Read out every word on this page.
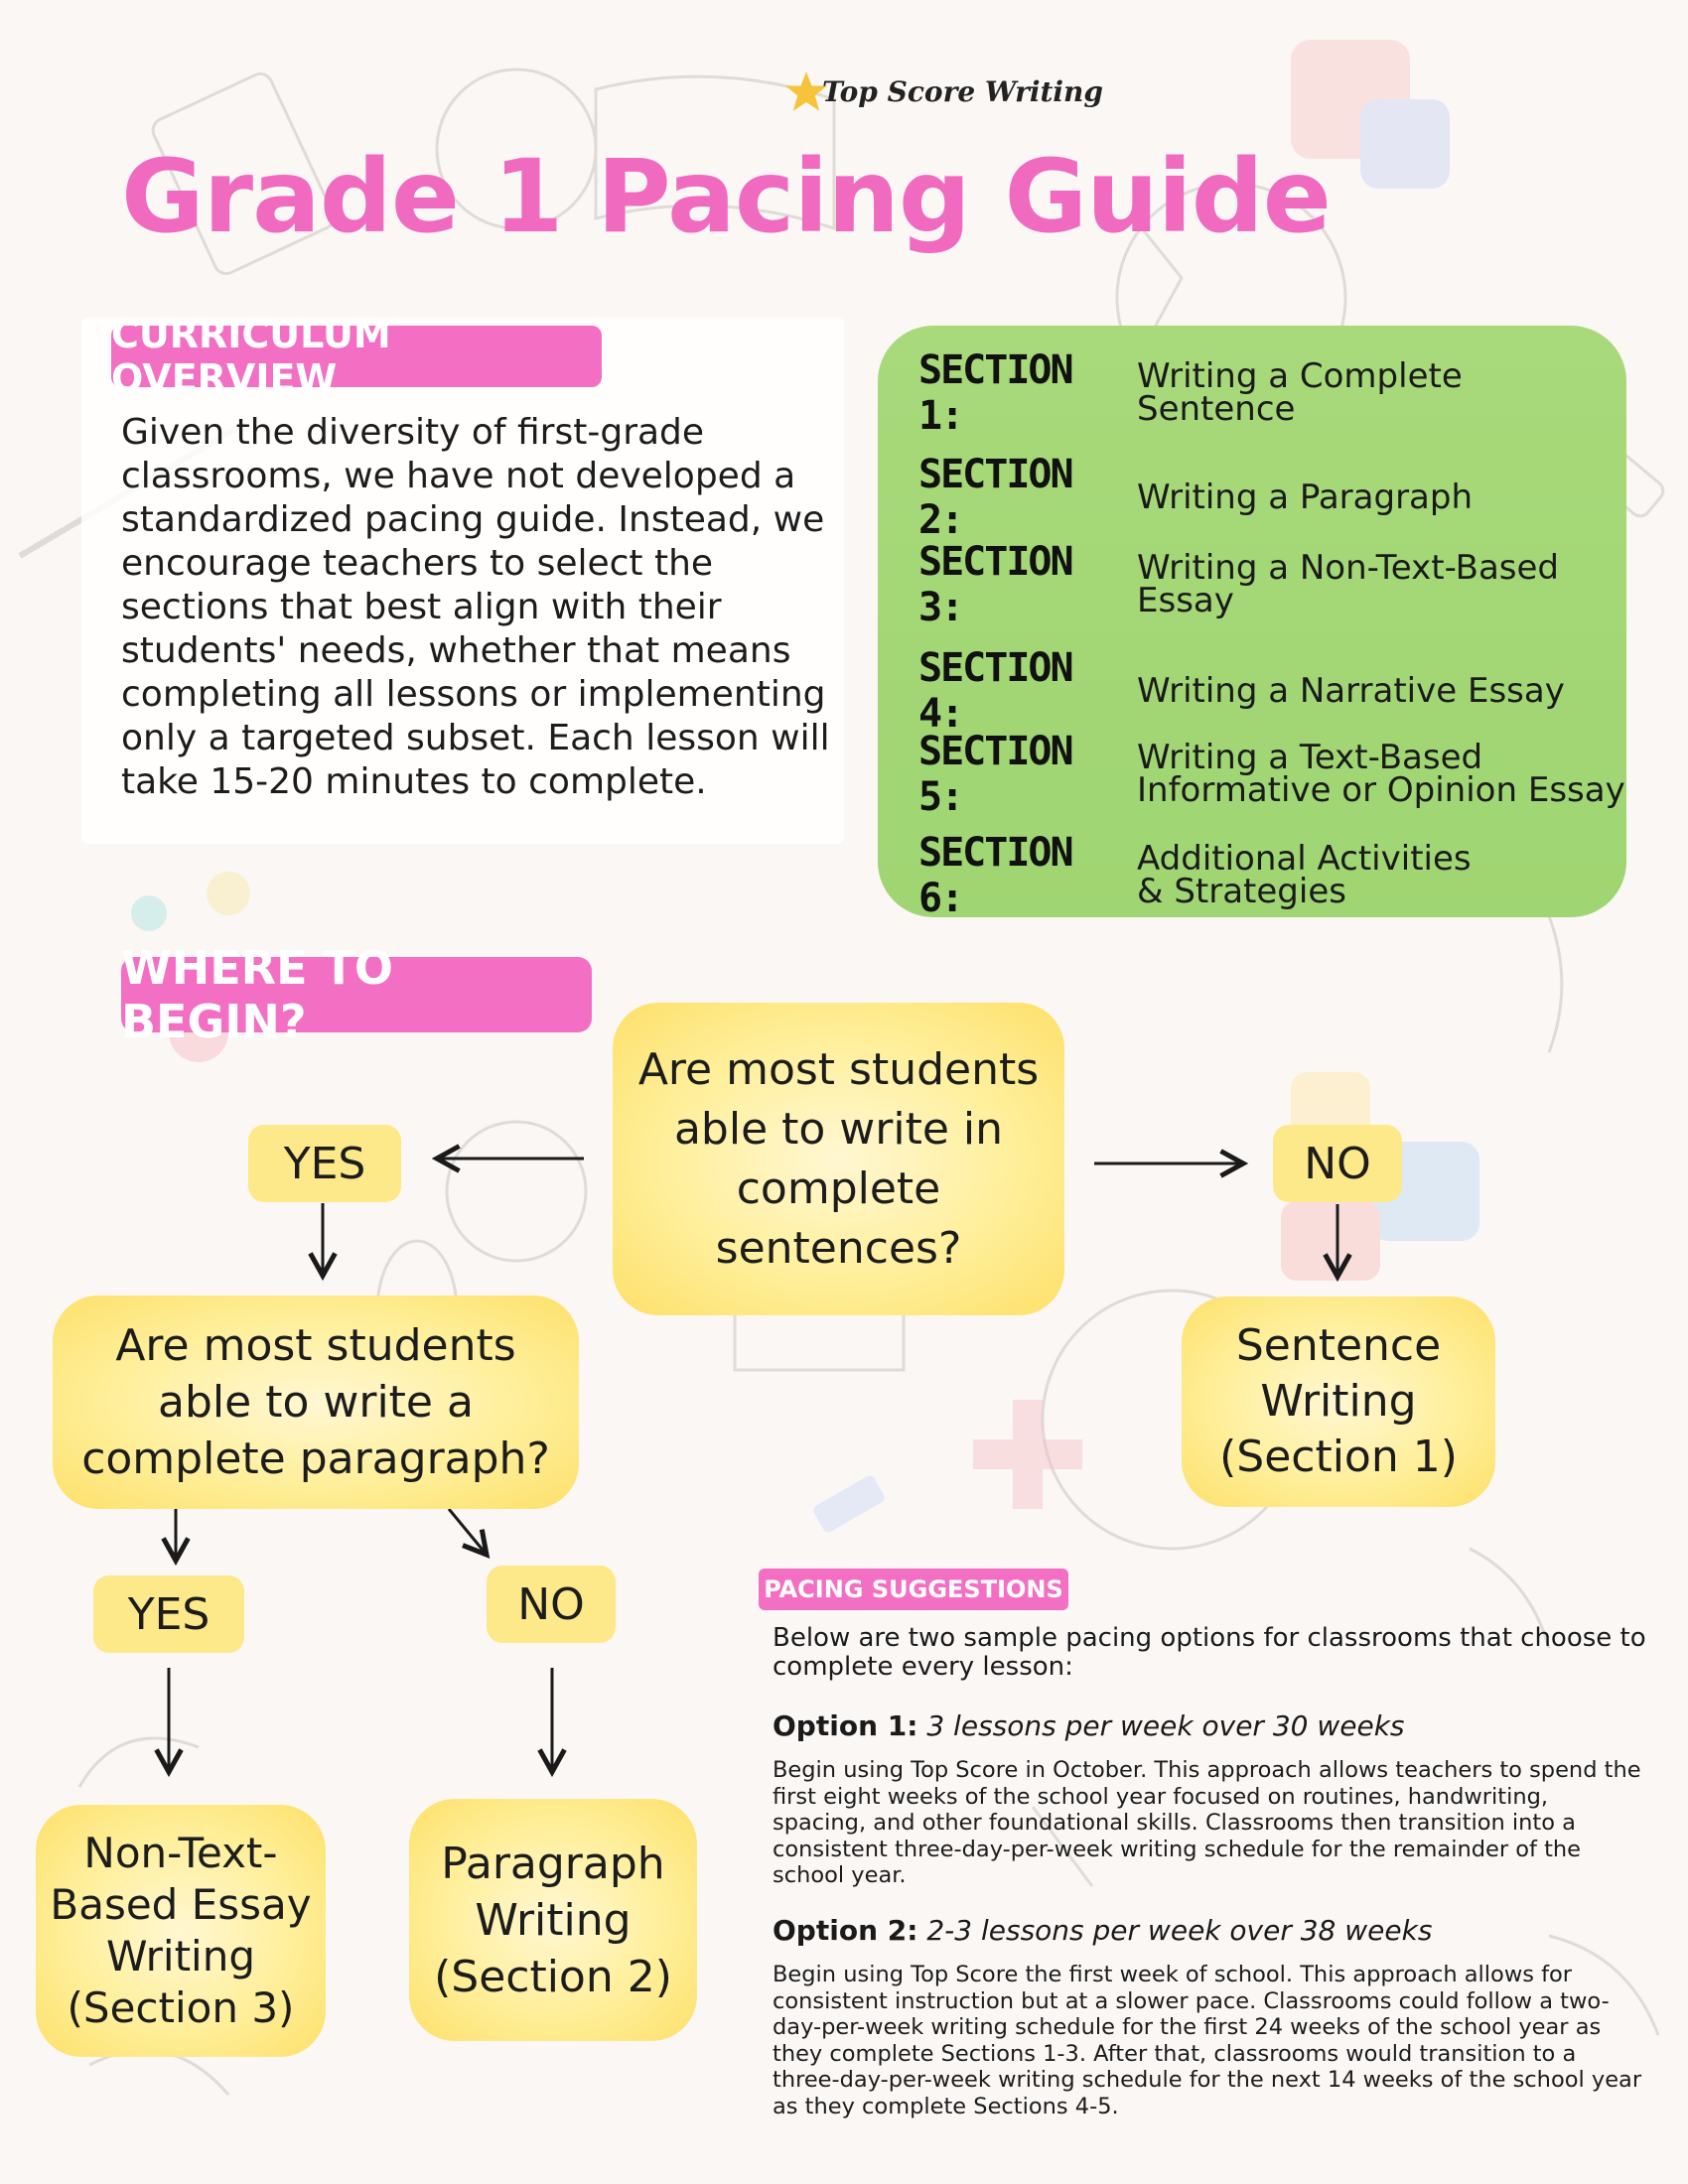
Top Score Writing
Grade 1 Pacing Guide
CURRICULUM OVERVIEW
Given the diversity of first-grade classrooms, we have not developed a standardized pacing guide. Instead, we encourage teachers to select the sections that best align with their students' needs, whether that means completing all lessons or implementing only a targeted subset. Each lesson will take 15-20 minutes to complete.
SECTION 1:
Writing a Complete
Sentence
SECTION 2:
Writing a Paragraph
SECTION 3:
Writing a Non-Text-Based
Essay
SECTION 4:
Writing a Narrative Essay
SECTION 5:
Writing a Text-Based
Informative or Opinion Essay
SECTION 6:
Additional Activities
& Strategies
WHERE TO BEGIN?
Are most students
able to write in
complete
sentences?
YES	NO
Are most students
able to write a
complete paragraph?
Sentence
Writing
(Section 1)
YES	NO
Non-Text-
Based Essay
Writing
(Section 3)
Paragraph
Writing
(Section 2)
PACING SUGGESTIONS
Below are two sample pacing options for classrooms that choose to complete every lesson:
Option 1: 3 lessons per week over 30 weeks
Begin using Top Score in October. This approach allows teachers to spend the first eight weeks of the school year focused on routines, handwriting, spacing, and other foundational skills. Classrooms then transition into a consistent three-day-per-week writing schedule for the remainder of the school year.
Option 2: 2-3 lessons per week over 38 weeks
Begin using Top Score the first week of school. This approach allows for consistent instruction but at a slower pace. Classrooms could follow a two-day-per-week writing schedule for the first 24 weeks of the school year as they complete Sections 1-3. After that, classrooms would transition to a three-day-per-week writing schedule for the next 14 weeks of the school year as they complete Sections 4-5.
